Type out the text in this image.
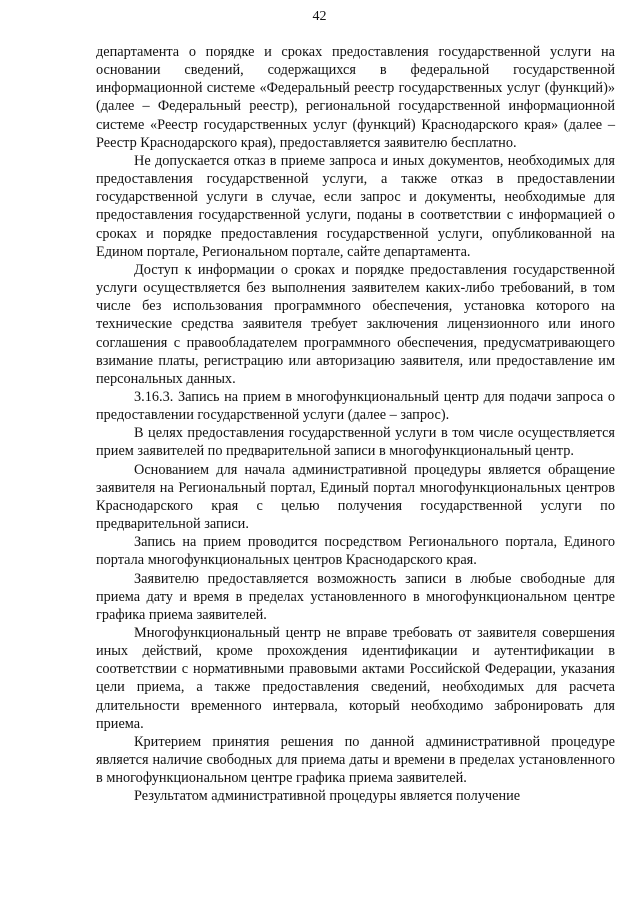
42

департамента о порядке и сроках предоставления государственной услуги на основании сведений, содержащихся в федеральной государственной информационной системе «Федеральный реестр государственных услуг (функций)» (далее – Федеральный реестр), региональной государственной информационной системе «Реестр государственных услуг (функций) Краснодарского края» (далее – Реестр Краснодарского края), предоставляется заявителю бесплатно.

Не допускается отказ в приеме запроса и иных документов, необходимых для предоставления государственной услуги, а также отказ в предоставлении государственной услуги в случае, если запрос и документы, необходимые для предоставления государственной услуги, поданы в соответствии с информацией о сроках и порядке предоставления государственной услуги, опубликованной на Едином портале, Региональном портале, сайте департамента.

Доступ к информации о сроках и порядке предоставления государственной услуги осуществляется без выполнения заявителем каких-либо требований, в том числе без использования программного обеспечения, установка которого на технические средства заявителя требует заключения лицензионного или иного соглашения с правообладателем программного обеспечения, предусматривающего взимание платы, регистрацию или авторизацию заявителя, или предоставление им персональных данных.

3.16.3. Запись на прием в многофункциональный центр для подачи запроса о предоставлении государственной услуги (далее – запрос).

В целях предоставления государственной услуги в том числе осуществляется прием заявителей по предварительной записи в многофункциональный центр.

Основанием для начала административной процедуры является обращение заявителя на Региональный портал, Единый портал многофункциональных центров Краснодарского края с целью получения государственной услуги по предварительной записи.

Запись на прием проводится посредством Регионального портала, Единого портала многофункциональных центров Краснодарского края.

Заявителю предоставляется возможность записи в любые свободные для приема дату и время в пределах установленного в многофункциональном центре графика приема заявителей.

Многофункциональный центр не вправе требовать от заявителя совершения иных действий, кроме прохождения идентификации и аутентификации в соответствии с нормативными правовыми актами Российской Федерации, указания цели приема, а также предоставления сведений, необходимых для расчета длительности временного интервала, который необходимо забронировать для приема.

Критерием принятия решения по данной административной процедуре является наличие свободных для приема даты и времени в пределах установленного в многофункциональном центре графика приема заявителей.

Результатом административной процедуры является получение
